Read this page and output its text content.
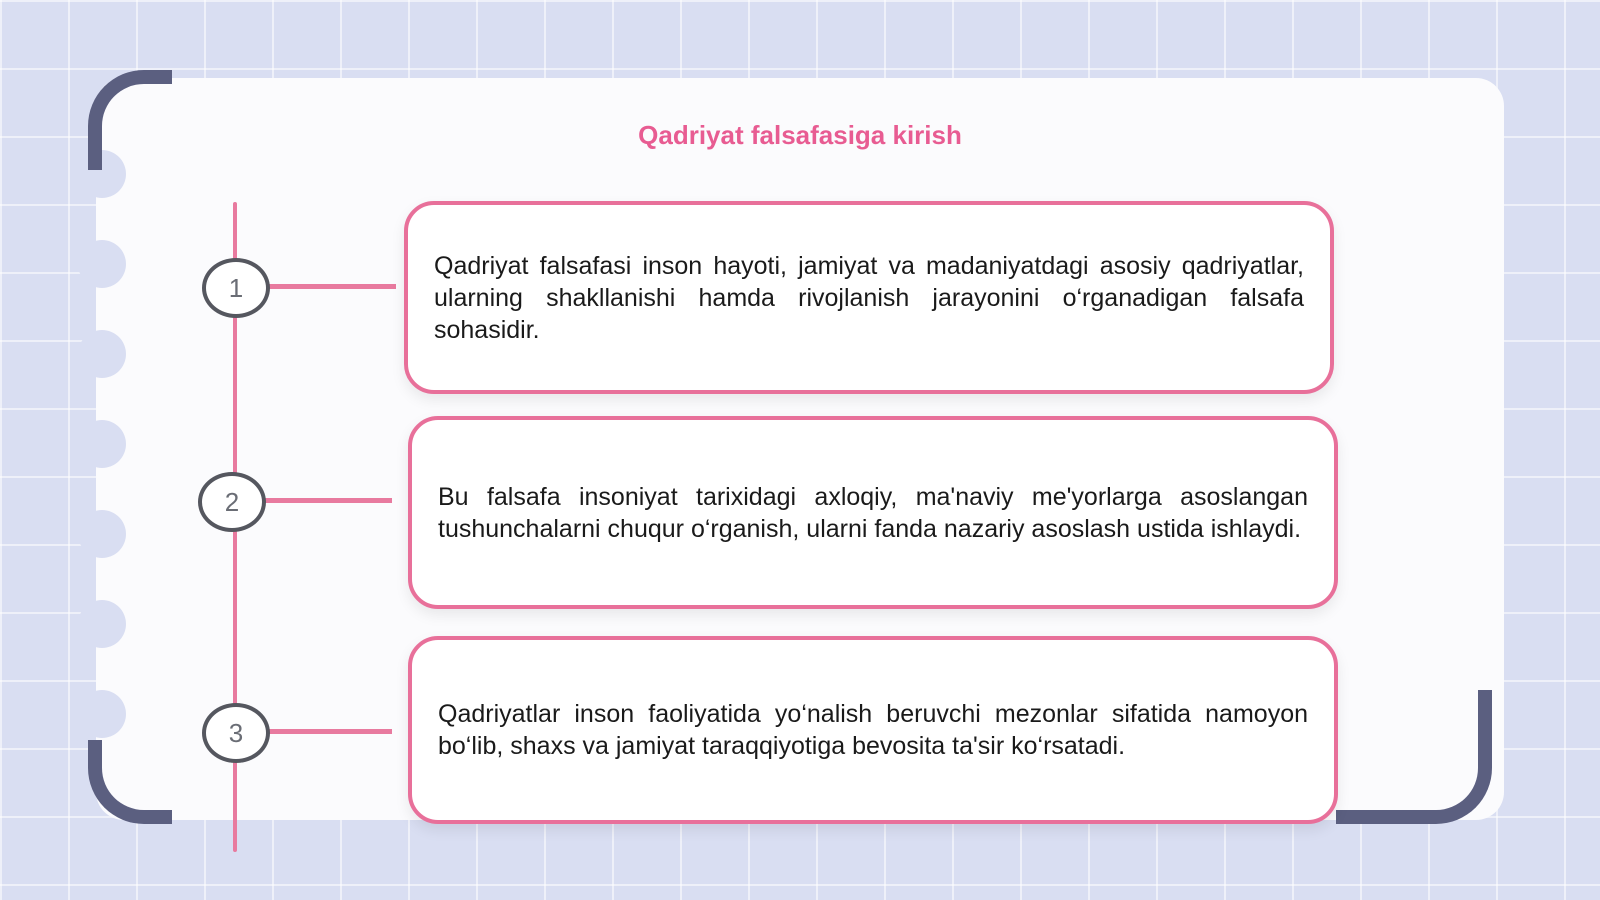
Qadriyat falsafasiga kirish
1
2
3

Qadriyat falsafasi inson hayoti, jamiyat va madaniyatdagi asosiy qadriyatlar, ularning shakllanishi hamda rivojlanish jarayonini o‘rganadigan falsafa sohasidir.

Bu falsafa insoniyat tarixidagi axloqiy, ma'naviy me'yorlarga asoslangan tushunchalarni chuqur o‘rganish, ularni fanda nazariy asoslash ustida ishlaydi.

Qadriyatlar inson faoliyatida yo‘nalish beruvchi mezonlar sifatida namoyon bo‘lib, shaxs va jamiyat taraqqiyotiga bevosita ta'sir ko‘rsatadi.
